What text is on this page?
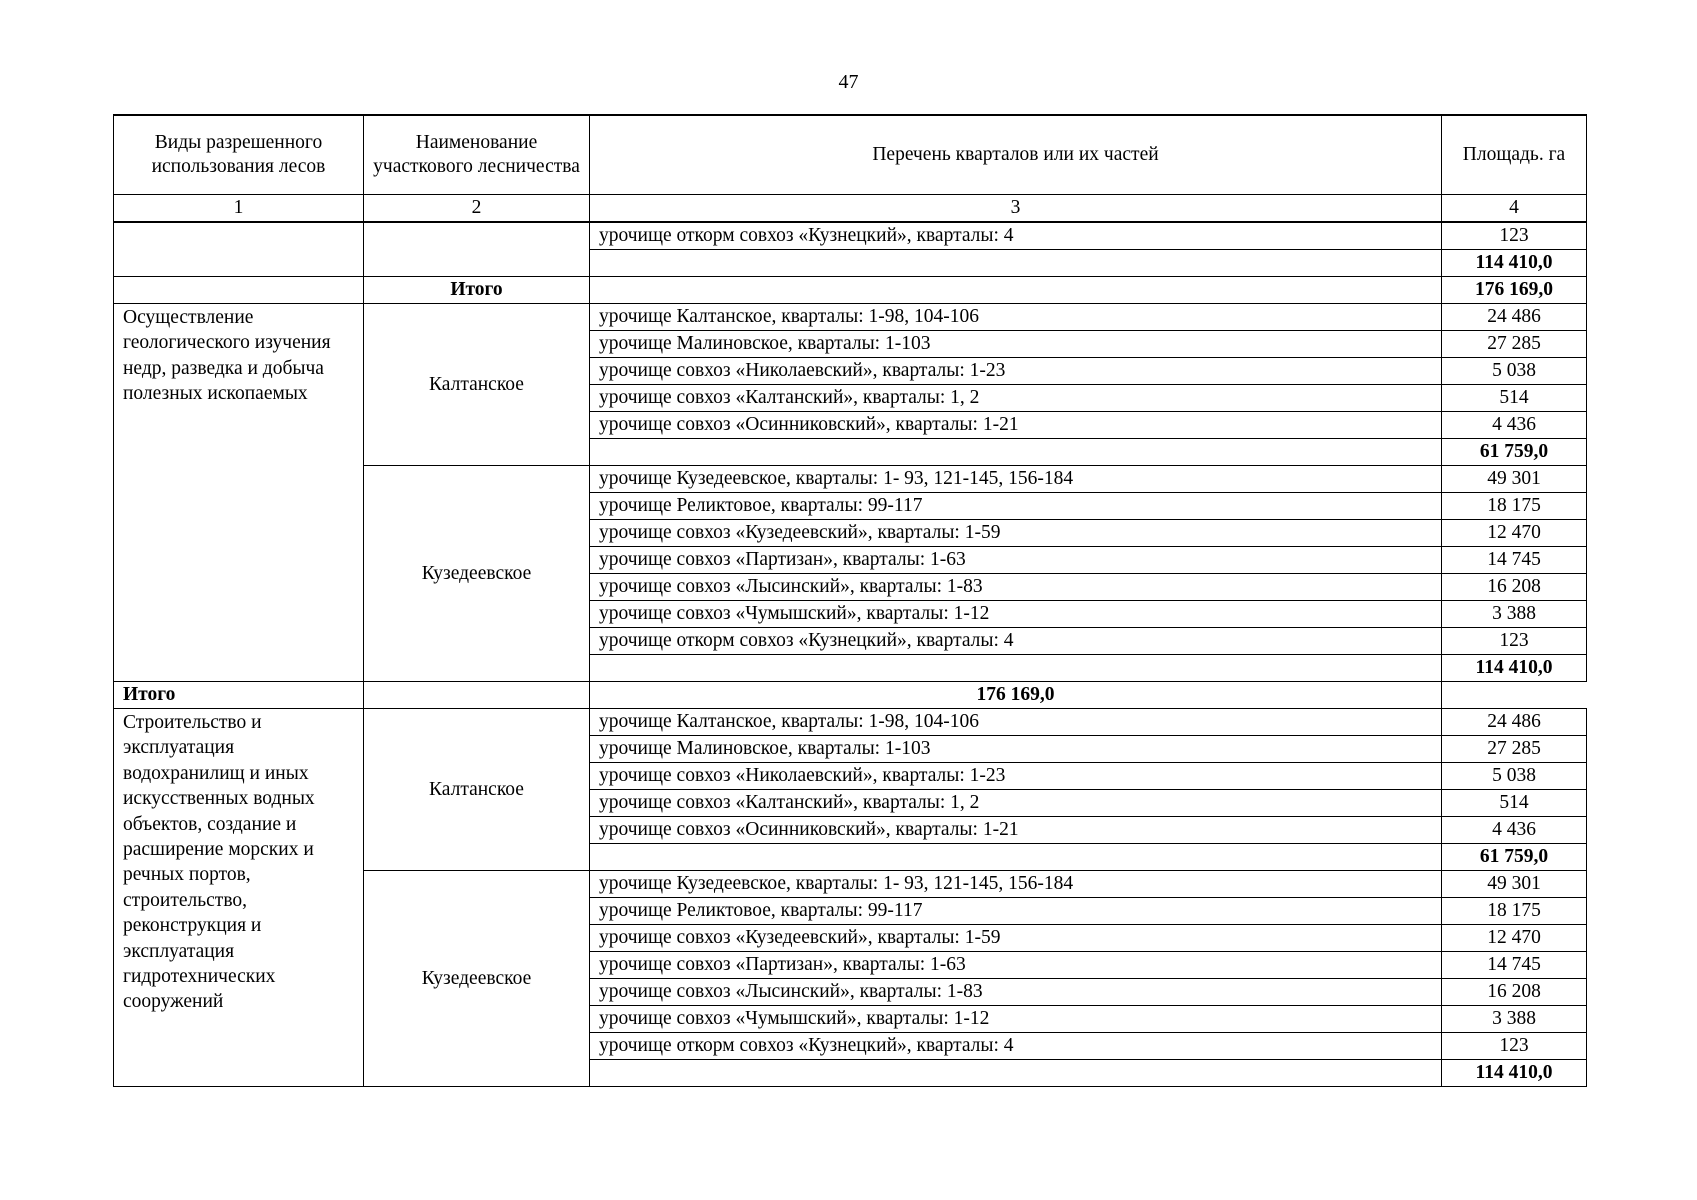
47
Виды разрешенного использования лесов	Наименование участкового лесничества	Перечень кварталов или их частей	Площадь. га
1	2	3	4
		урочище откорм совхоз «Кузнецкий», кварталы: 4	123
			114 410,0
	Итого		176 169,0
Осуществление геологического изучения недр, разведка и добыча полезных ископаемых	Калтанское	урочище Калтанское, кварталы: 1-98, 104-106	24 486
		урочище Малиновское, кварталы: 1-103	27 285
		урочище совхоз «Николаевский», кварталы: 1-23	5 038
		урочище совхоз «Калтанский», кварталы: 1, 2	514
		урочище совхоз «Осинниковский», кварталы: 1-21	4 436
			61 759,0
	Кузедеевское	урочище Кузедеевское, кварталы: 1- 93, 121-145, 156-184	49 301
		урочище Реликтовое, кварталы: 99-117	18 175
		урочище совхоз «Кузедеевский», кварталы: 1-59	12 470
		урочище совхоз «Партизан», кварталы: 1-63	14 745
		урочище совхоз «Лысинский», кварталы: 1-83	16 208
		урочище совхоз «Чумышский», кварталы: 1-12	3 388
		урочище откорм совхоз «Кузнецкий», кварталы: 4	123
			114 410,0
Итого		176 169,0	
Строительство и эксплуатация водохранилищ и иных искусственных водных объектов, создание и расширение морских и речных портов, строительство, реконструкция и эксплуатация гидротехнических сооружений	Калтанское	урочище Калтанское, кварталы: 1-98, 104-106	24 486
		урочище Малиновское, кварталы: 1-103	27 285
		урочище совхоз «Николаевский», кварталы: 1-23	5 038
		урочище совхоз «Калтанский», кварталы: 1, 2	514
		урочище совхоз «Осинниковский», кварталы: 1-21	4 436
			61 759,0
	Кузедеевское	урочище Кузедеевское, кварталы: 1- 93, 121-145, 156-184	49 301
		урочище Реликтовое, кварталы: 99-117	18 175
		урочище совхоз «Кузедеевский», кварталы: 1-59	12 470
		урочище совхоз «Партизан», кварталы: 1-63	14 745
		урочище совхоз «Лысинский», кварталы: 1-83	16 208
		урочище совхоз «Чумышский», кварталы: 1-12	3 388
		урочище откорм совхоз «Кузнецкий», кварталы: 4	123
			114 410,0
